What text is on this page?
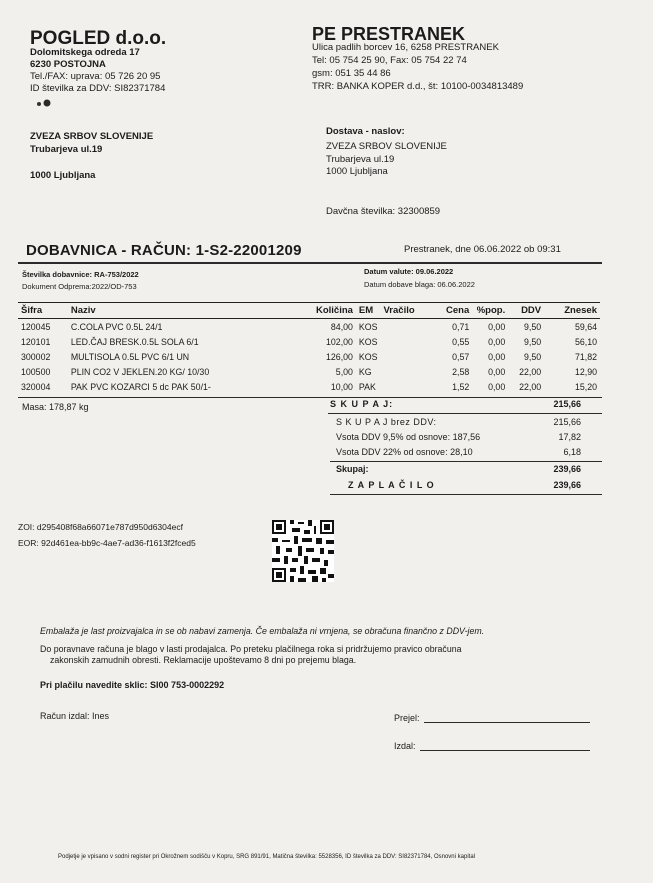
POGLED d.o.o.
Dolomitskega odreda 17
6230 POSTOJNA
Tel./FAX: uprava: 05 726 20 95
ID številka za DDV: SI82371784
PE PRESTRANEK
Ulica padlih borcev 16, 6258 PRESTRANEK
Tel: 05 754 25 90, Fax: 05 754 22 74
gsm: 051 35 44 86
TRR: BANKA KOPER d.d., št: 10100-0034813489
ZVEZA SRBOV SLOVENIJE
Trubarjeva ul.19
1000 Ljubljana
Dostava - naslov:
ZVEZA SRBOV SLOVENIJE
Trubarjeva ul.19
1000 Ljubljana
Davčna številka: 32300859
DOBAVNICA - RAČUN: 1-S2-22001209	Prestranek, dne 06.06.2022 ob 09:31
Številka dobavnice: RA-753/2022
Dokument Odprema:2022/OD-753
Datum valute: 09.06.2022
Datum dobave blaga: 06.06.2022
Šifra	Naziv	Količina	EM	Vračilo	Cena	%pop.	DDV	Znesek
120045	C.COLA PVC 0.5L 24/1	84,00	KOS		0,71	0,00	9,50	59,64
120101	LED.ČAJ BRESK.0.5L SOLA 6/1	102,00	KOS		0,55	0,00	9,50	56,10
300002	MULTISOLA 0.5L PVC 6/1 UN	126,00	KOS		0,57	0,00	9,50	71,82
100500	PLIN CO2 V JEKLEN.20 KG/ 10/30	5,00	KG		2,58	0,00	22,00	12,90
320004	PAK PVC KOZARCI 5 dc PAK 50/1-	10,00	PAK		1,52	0,00	22,00	15,20
Masa: 178,87 kg	S K U P A J:	215,66
S K U P A J brez DDV:	215,66
Vsota DDV 9,5% od osnove: 187,56	17,82
Vsota DDV 22% od osnove: 28,10	6,18
Skupaj:	239,66
Z A P L A Č I L O	239,66
ZOI: d295408f68a66071e787d950d6304ecf
EOR: 92d461ea-bb9c-4ae7-ad36-f1613f2fced5
Embalaža je last proizvajalca in se ob nabavi zamenja. Če embalaža ni vrnjena, se obračuna finančno z DDV-jem.
Do poravnave računa je blago v lasti prodajalca. Po preteku plačilnega roka si pridržujemo pravico obračuna
zakonskih zamudnih obresti. Reklamacije upoštevamo 8 dni po prejemu blaga.
Pri plačilu navedite sklic: SI00 753-0002292
Račun izdal: Ines	Prejel:
Izdal:
Podjetje je vpisano v sodni register pri Okrožnem sodišču v Kopru, SRG 891/91, Matična številka: 5528356, ID številka za DDV: SI82371784, Osnovni kapital
